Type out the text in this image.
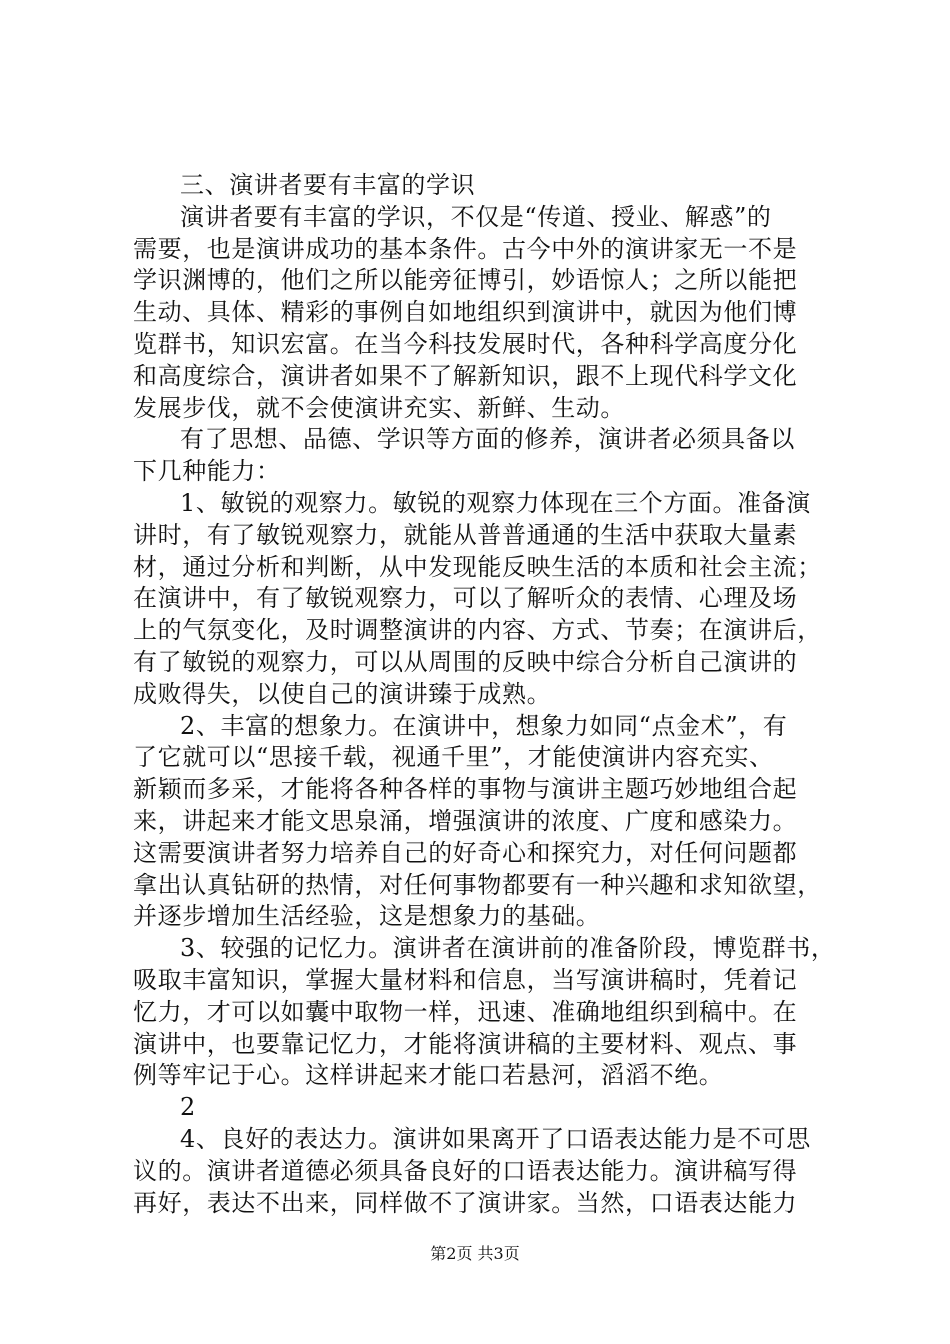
三、演讲者要有丰富的学识
演讲者要有丰富的学识，不仅是“传道、授业、解惑”的
需要，也是演讲成功的基本条件。古今中外的演讲家无一不是
学识渊博的，他们之所以能旁征博引，妙语惊人；之所以能把
生动、具体、精彩的事例自如地组织到演讲中，就因为他们博
览群书，知识宏富。在当今科技发展时代，各种科学高度分化
和高度综合，演讲者如果不了解新知识，跟不上现代科学文化
发展步伐，就不会使演讲充实、新鲜、生动。
有了思想、品德、学识等方面的修养，演讲者必须具备以
下几种能力：
1、敏锐的观察力。敏锐的观察力体现在三个方面。准备演
讲时，有了敏锐观察力，就能从普普通通的生活中获取大量素
材，通过分析和判断，从中发现能反映生活的本质和社会主流；
在演讲中，有了敏锐观察力，可以了解听众的表情、心理及场
上的气氛变化，及时调整演讲的内容、方式、节奏；在演讲后，
有了敏锐的观察力，可以从周围的反映中综合分析自己演讲的
成败得失，以使自己的演讲臻于成熟。
2、丰富的想象力。在演讲中，想象力如同“点金术”，有
了它就可以“思接千载，视通千里”，才能使演讲内容充实、
新颖而多采，才能将各种各样的事物与演讲主题巧妙地组合起
来，讲起来才能文思泉涌，增强演讲的浓度、广度和感染力。
这需要演讲者努力培养自己的好奇心和探究力，对任何问题都
拿出认真钻研的热情，对任何事物都要有一种兴趣和求知欲望，
并逐步增加生活经验，这是想象力的基础。
3、较强的记忆力。演讲者在演讲前的准备阶段，博览群书，
吸取丰富知识，掌握大量材料和信息，当写演讲稿时，凭着记
忆力，才可以如囊中取物一样，迅速、准确地组织到稿中。在
演讲中，也要靠记忆力，才能将演讲稿的主要材料、观点、事
例等牢记于心。这样讲起来才能口若悬河，滔滔不绝。
2
4、良好的表达力。演讲如果离开了口语表达能力是不可思
议的。演讲者道德必须具备良好的口语表达能力。演讲稿写得
再好，表达不出来，同样做不了演讲家。当然，口语表达能力
第2页 共3页
